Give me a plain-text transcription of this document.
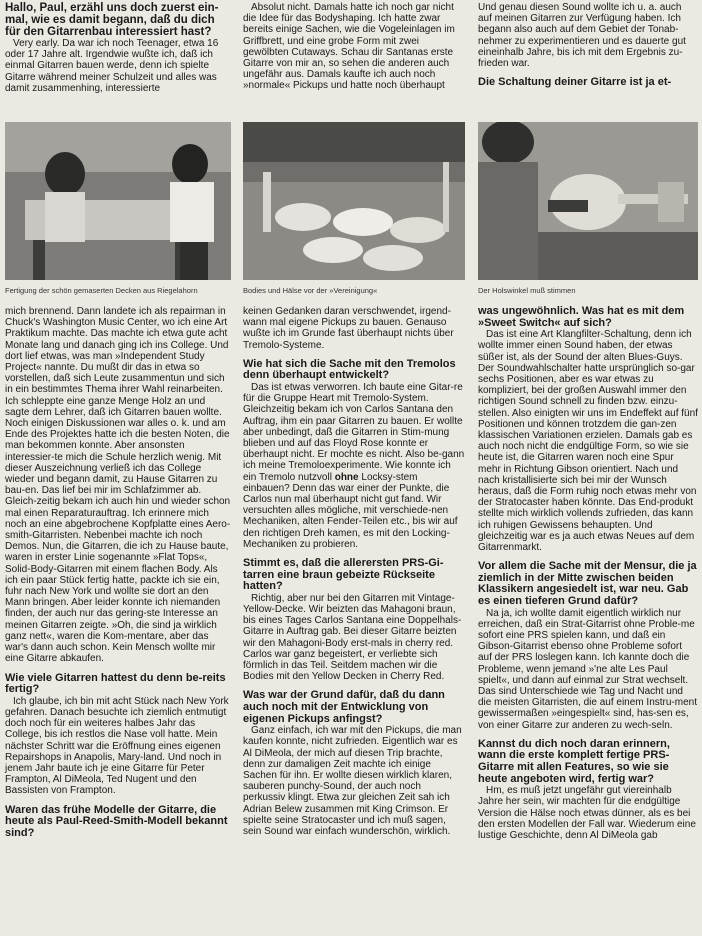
Hallo, Paul, erzähl uns doch zuerst ein-mal, wie es damit begann, daß du dich für den Gitarrenbau interessiert hast?

Very early. Da war ich noch Teenager, etwa 16 oder 17 Jahre alt. Irgendwie wußte ich, daß ich einmal Gitarren bauen werde, denn ich spielte Gitarre während meiner Schulzeit und alles was damit zusammenhing, interessierte

Absolut nicht. Damals hatte ich noch gar nicht die Idee für das Bodyshaping. Ich hatte zwar bereits einige Sachen, wie die Vogeleinlagen im Griffbrett, und eine grobe Form mit zwei gewölbten Cutaways. Schau dir Santanas erste Gitarre von mir an, so sehen die anderen auch ungefähr aus. Damals kaufte ich auch noch »normale« Pickups und hatte noch überhaupt

Und genau diesen Sound wollte ich u. a. auch auf meinen Gitarren zur Verfügung haben. Ich begann also auch auf dem Gebiet der Tonab-nehmer zu experimentieren und es dauerte gut eineinhalb Jahre, bis ich mit dem Ergebnis zu-frieden war.

Die Schaltung deiner Gitarre ist ja et-

Fertigung der schön gemaserten Decken aus Riegelahorn	Bodies und Hälse vor der »Vereinigung«	Der Holswinkel muß stimmen

mich brennend. Dann landete ich als repairman in Chuck's Washington Music Center, wo ich eine Art Praktikum machte. Das machte ich etwa gute acht Monate lang und danach ging ich ins College. Und dort lief etwas, was man »Independent Study Project« nannte. Du mußt dir das in etwa so vorstellen, daß sich Leute zusammentun und sich in ein bestimmtes Thema ihrer Wahl reinarbeiten. Ich schleppte eine ganze Menge Holz an und sagte dem Lehrer, daß ich Gitarren bauen wollte. Noch einigen Diskussionen war alles o. k. und am Ende des Projektes hatte ich die besten Noten, die man bekommen konnte. Aber ansonsten interessier-te mich die Schule herzlich wenig. Mit dieser Auszeichnung verließ ich das College wieder und begann damit, zu Hause Gitarren zu bau-en. Das lief bei mir im Schlafzimmer ab. Gleich-zeitig bekam ich auch hin und wieder schon mal einen Reparaturauftrag. Ich erinnere mich noch an eine abgebrochene Kopfplatte eines Aero-smith-Gitarristen. Nebenbei machte ich noch Demos. Nun, die Gitarren, die ich zu Hause baute, waren in erster Linie sogenannte »Flat Tops«, Solid-Body-Gitarren mit einem flachen Body. Als ich ein paar Stück fertig hatte, packte ich sie ein, fuhr nach New York und wollte sie dort an den Mann bringen. Aber leider konnte ich niemanden finden, der auch nur das gering-ste Interesse an meinen Gitarren zeigte. »Oh, die sind ja wirklich ganz nett«, waren die Kom-mentare, aber das war's dann auch schon. Kein Mensch wollte mir eine Gitarre abkaufen.

Wie viele Gitarren hattest du denn be-reits fertig?

Ich glaube, ich bin mit acht Stück nach New York gefahren. Danach besuchte ich ziemlich entmutigt doch noch für ein weiteres halbes Jahr das College, bis ich restlos die Nase voll hatte. Mein nächster Schritt war die Eröffnung eines eigenen Repairshops in Anapolis, Mary-land. Und noch in jenem Jahr baute ich je eine Gitarre für Peter Frampton, Al DiMeola, Ted Nugent und den Bassisten von Frampton.

Waren das frühe Modelle der Gitarre, die heute als Paul-Reed-Smith-Modell bekannt sind?

keinen Gedanken daran verschwendet, irgend-wann mal eigene Pickups zu bauen. Genauso wußte ich im Grunde fast überhaupt nichts über Tremolo-Systeme.

Wie hat sich die Sache mit den Tremolos denn überhaupt entwickelt?

Das ist etwas verworren. Ich baute eine Gitar-re für die Gruppe Heart mit Tremolo-System. Gleichzeitig bekam ich von Carlos Santana den Auftrag, ihm ein paar Gitarren zu bauen. Er wollte aber unbedingt, daß die Gitarren in Stim-mung blieben und auf das Floyd Rose konnte er überhaupt nicht. Er mochte es nicht. Also be-gann ich meine Tremoloexperimente. Wie konnte ich ein Tremolo nutzvoll ohne Locksy-stem einbauen? Denn das war einer der Punkte, die Carlos nun mal überhaupt nicht gut fand. Wir versuchten alles mögliche, mit verschiede-nen Mechaniken, alten Fender-Teilen etc., bis wir auf den richtigen Dreh kamen, es mit den Locking-Mechaniken zu probieren.

Stimmt es, daß die allerersten PRS-Gi-tarren eine braun gebeizte Rückseite hatten?

Richtig, aber nur bei den Gitarren mit Vintage-Yellow-Decke. Wir beizten das Mahagoni braun, bis eines Tages Carlos Santana eine Doppelhals-Gitarre in Auftrag gab. Bei dieser Gitarre beizten wir den Mahagoni-Body erst-mals in cherry red. Carlos war ganz begeistert, er verliebte sich förmlich in das Teil. Seitdem machen wir die Bodies mit den Yellow Decken in Cherry Red.

Was war der Grund dafür, daß du dann auch noch mit der Entwicklung von eigenen Pickups anfingst?

Ganz einfach, ich war mit den Pickups, die man kaufen konnte, nicht zufrieden. Eigentlich war es Al DiMeola, der mich auf diesen Trip brachte, denn zur damaligen Zeit machte ich einige Sachen für ihn. Er wollte diesen wirklich klaren, sauberen punchy-Sound, der auch noch perkussiv klingt. Etwa zur gleichen Zeit sah ich Adrian Belew zusammen mit King Crimson. Er spielte seine Stratocaster und ich muß sagen, sein Sound war einfach wunderschön, wirklich.

was ungewöhnlich. Was hat es mit dem »Sweet Switch« auf sich?

Das ist eine Art Klangfilter-Schaltung, denn ich wollte immer einen Sound haben, der etwas süßer ist, als der Sound der alten Blues-Guys. Der Soundwahlschalter hatte ursprünglich so-gar sechs Positionen, aber es war etwas zu kompliziert, bei der großen Auswahl immer den richtigen Sound schnell zu finden bzw. einzu-stellen. Also einigten wir uns im Endeffekt auf fünf Positionen und können trotzdem die gan-zen klassischen Variationen erzielen. Damals gab es auch noch nicht die endgültige Form, so wie sie heute ist, die Gitarren waren noch eine Spur mehr in Richtung Gibson orientiert. Nach und nach kristallisierte sich bei mir der Wunsch heraus, daß die Form ruhig noch etwas mehr von der Stratocaster haben könnte. Das End-produkt stellte mich wirklich vollends zufrieden, das kann ich ruhigen Gewissens behaupten. Und gleichzeitig war es ja auch etwas Neues auf dem Gitarrenmarkt.

Vor allem die Sache mit der Mensur, die ja ziemlich in der Mitte zwischen beiden Klassikern angesiedelt ist, war neu. Gab es einen tieferen Grund dafür?

Na ja, ich wollte damit eigentlich wirklich nur erreichen, daß ein Strat-Gitarrist ohne Proble-me sofort eine PRS spielen kann, und daß ein Gibson-Gitarrist ebenso ohne Probleme sofort auf der PRS loslegen kann. Ich kannte doch die Probleme, wenn jemand »'ne alte Les Paul spielt«, und dann auf einmal zur Strat wechselt. Das sind Unterschiede wie Tag und Nacht und die meisten Gitarristen, die auf einem Instru-ment gewissermaßen »eingespielt« sind, has-sen es, von einer Gitarre zur anderen zu wech-seln.

Kannst du dich noch daran erinnern, wann die erste komplett fertige PRS-Gitarre mit allen Features, so wie sie heute angeboten wird, fertig war?

Hm, es muß jetzt ungefähr gut viereinhalb Jahre her sein, wir machten für die endgültige Version die Hälse noch etwas dünner, als es bei den ersten Modellen der Fall war. Wiederum eine lustige Geschichte, denn Al DiMeola gab
